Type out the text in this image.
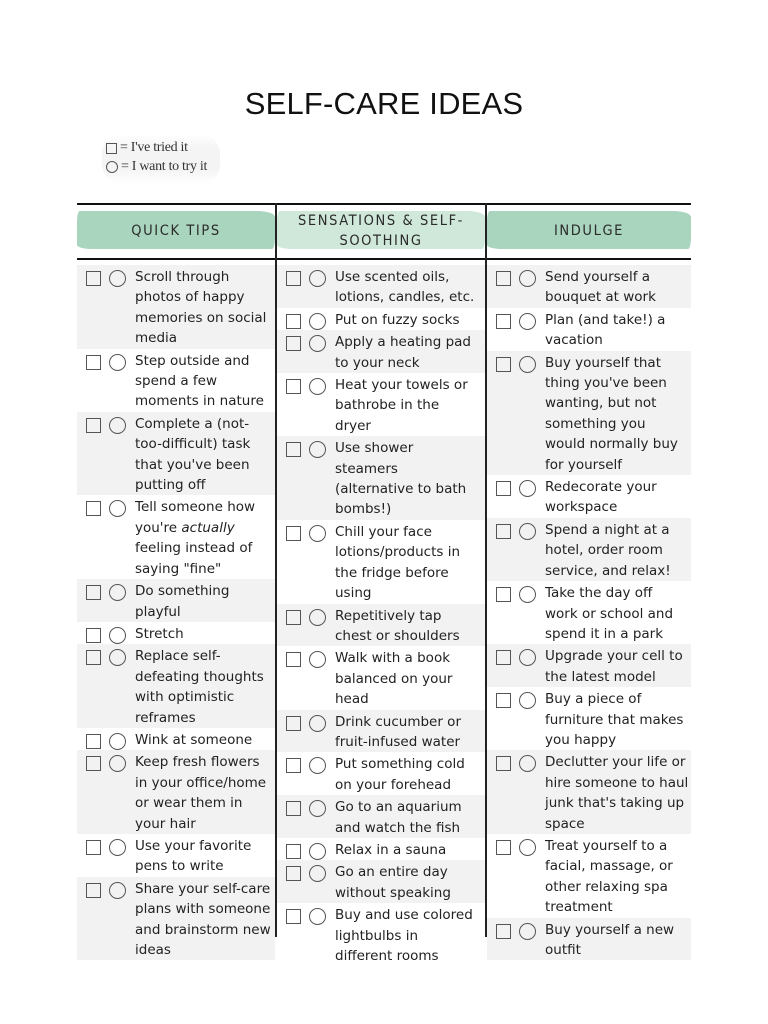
SELF-CARE IDEAS
= I've tried it
= I want to try it
QUICK TIPS
Scroll through
photos of happy
memories on social
media
Step outside and
spend a few
moments in nature
Complete a (not-
too-difficult) task
that you've been
putting off
Tell someone how
you're actually
feeling instead of
saying "fine"
Do something
playful
Stretch
Replace self-
defeating thoughts
with optimistic
reframes
Wink at someone
Keep fresh flowers
in your office/home
or wear them in
your hair
Use your favorite
pens to write
Share your self-care
plans with someone
and brainstorm new
ideas
SENSATIONS & SELF-SOOTHING
Use scented oils,
lotions, candles, etc.
Put on fuzzy socks
Apply a heating pad
to your neck
Heat your towels or
bathrobe in the
dryer
Use shower
steamers
(alternative to bath
bombs!)
Chill your face
lotions/products in
the fridge before
using
Repetitively tap
chest or shoulders
Walk with a book
balanced on your
head
Drink cucumber or
fruit-infused water
Put something cold
on your forehead
Go to an aquarium
and watch the fish
Relax in a sauna
Go an entire day
without speaking
Buy and use colored
lightbulbs in
different rooms
INDULGE
Send yourself a
bouquet at work
Plan (and take!) a
vacation
Buy yourself that
thing you've been
wanting, but not
something you
would normally buy
for yourself
Redecorate your
workspace
Spend a night at a
hotel, order room
service, and relax!
Take the day off
work or school and
spend it in a park
Upgrade your cell to
the latest model
Buy a piece of
furniture that makes
you happy
Declutter your life or
hire someone to haul
junk that's taking up
space
Treat yourself to a
facial, massage, or
other relaxing spa
treatment
Buy yourself a new
outfit
